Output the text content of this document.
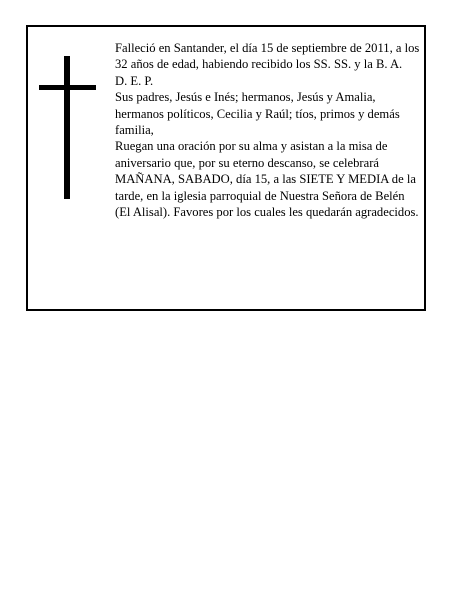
Falleció en Santander, el día 15 de septiembre de 2011, a los 32 años de edad, habiendo recibido los SS. SS. y la B. A.

D. E. P.

Sus padres, Jesús e Inés; hermanos, Jesús y Amalia, hermanos políticos, Cecilia y Raúl; tíos, primos y demás familia,

Ruegan una oración por su alma y asistan a la misa de aniversario que, por su eterno descanso, se celebrará MAÑANA, SABADO, día 15, a las SIETE Y MEDIA de la tarde, en la iglesia parroquial de Nuestra Señora de Belén (El Alisal). Favores por los cuales les quedarán agradecidos.
